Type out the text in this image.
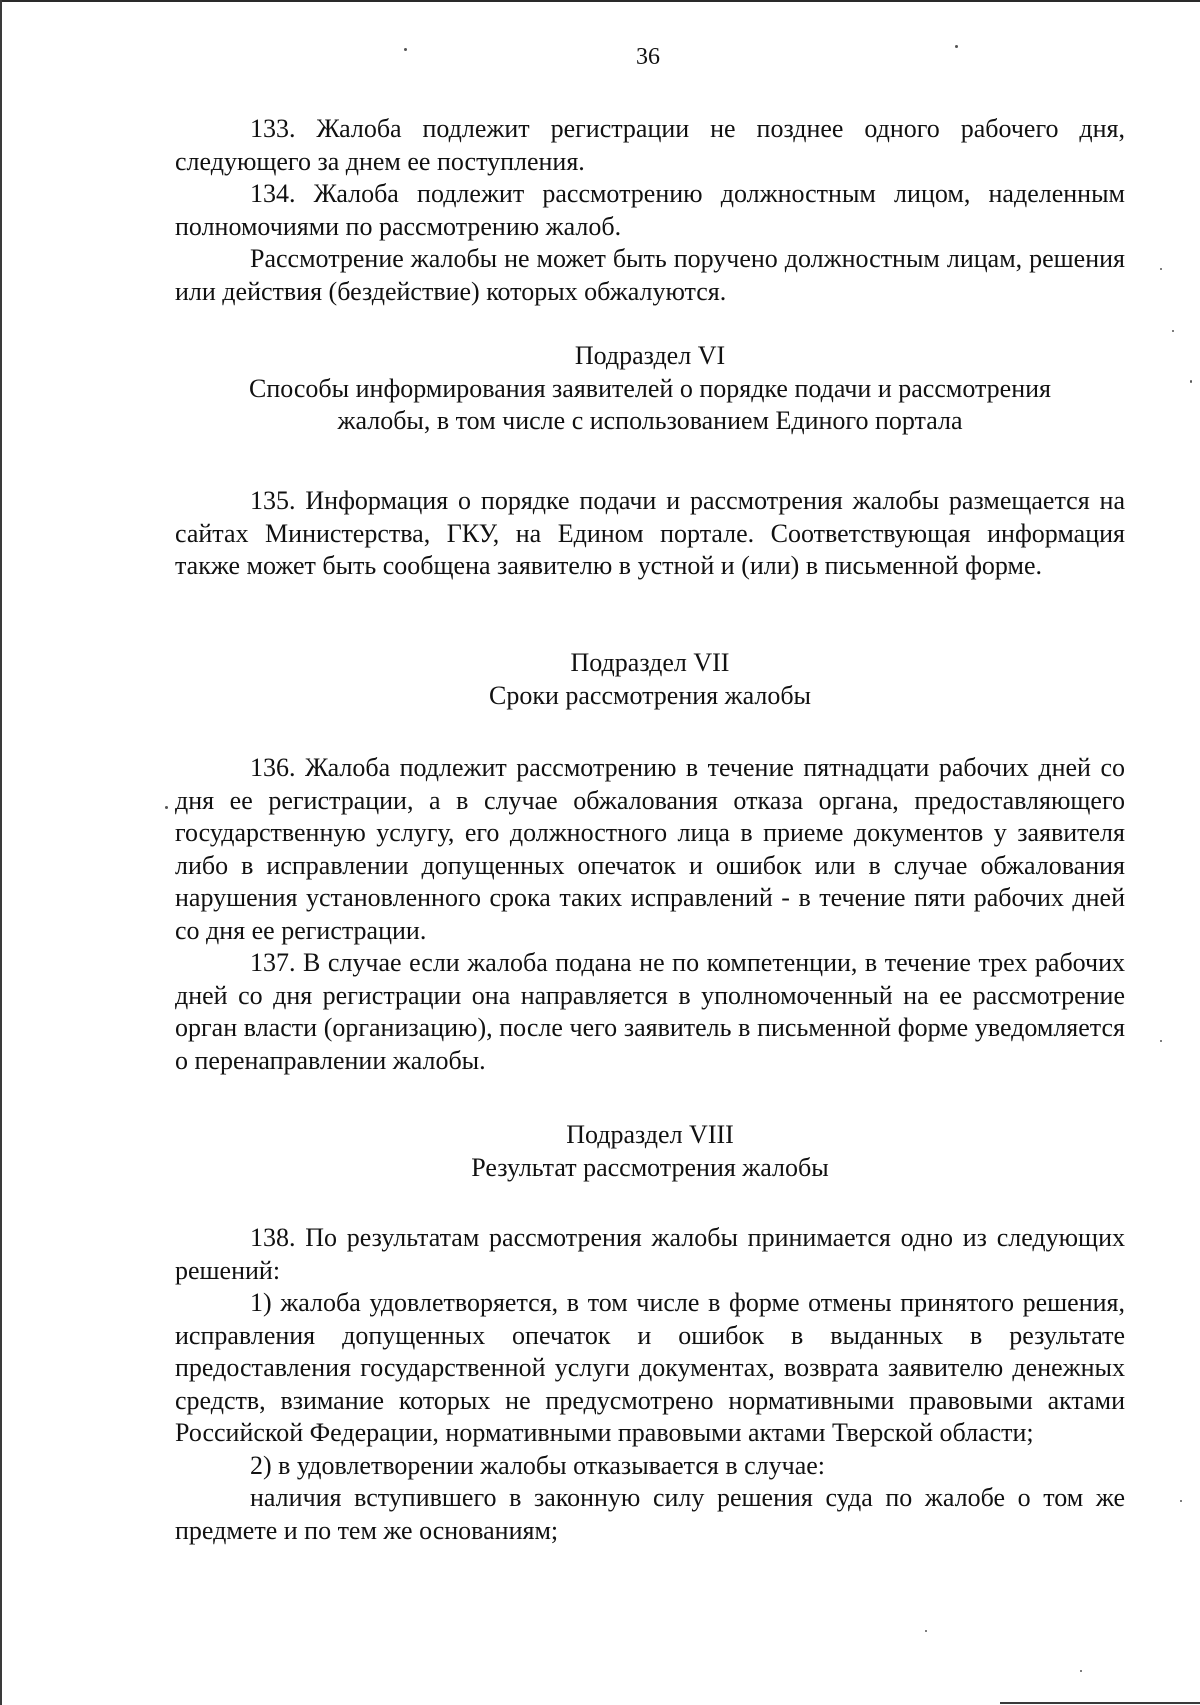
36

133. Жалоба подлежит регистрации не позднее одного рабочего дня, следующего за днем ее поступления.

134. Жалоба подлежит рассмотрению должностным лицом, наделенным полномочиями по рассмотрению жалоб.

Рассмотрение жалобы не может быть поручено должностным лицам, решения или действия (бездействие) которых обжалуются.

Подраздел VI
Способы информирования заявителей о порядке подачи и рассмотрения
жалобы, в том числе с использованием Единого портала

135. Информация о порядке подачи и рассмотрения жалобы размещается на сайтах Министерства, ГКУ, на Едином портале. Соответствующая информация также может быть сообщена заявителю в устной и (или) в письменной форме.

Подраздел VII
Сроки рассмотрения жалобы

136. Жалоба подлежит рассмотрению в течение пятнадцати рабочих дней со дня ее регистрации, а в случае обжалования отказа органа, предоставляющего государственную услугу, его должностного лица в приеме документов у заявителя либо в исправлении допущенных опечаток и ошибок или в случае обжалования нарушения установленного срока таких исправлений - в течение пяти рабочих дней со дня ее регистрации.

137. В случае если жалоба подана не по компетенции, в течение трех рабочих дней со дня регистрации она направляется в уполномоченный на ее рассмотрение орган власти (организацию), после чего заявитель в письменной форме уведомляется о перенаправлении жалобы.

Подраздел VIII
Результат рассмотрения жалобы

138. По результатам рассмотрения жалобы принимается одно из следующих решений:

1) жалоба удовлетворяется, в том числе в форме отмены принятого решения, исправления допущенных опечаток и ошибок в выданных в результате предоставления государственной услуги документах, возврата заявителю денежных средств, взимание которых не предусмотрено нормативными правовыми актами Российской Федерации, нормативными правовыми актами Тверской области;

2) в удовлетворении жалобы отказывается в случае:

наличия вступившего в законную силу решения суда по жалобе о том же предмете и по тем же основаниям;
